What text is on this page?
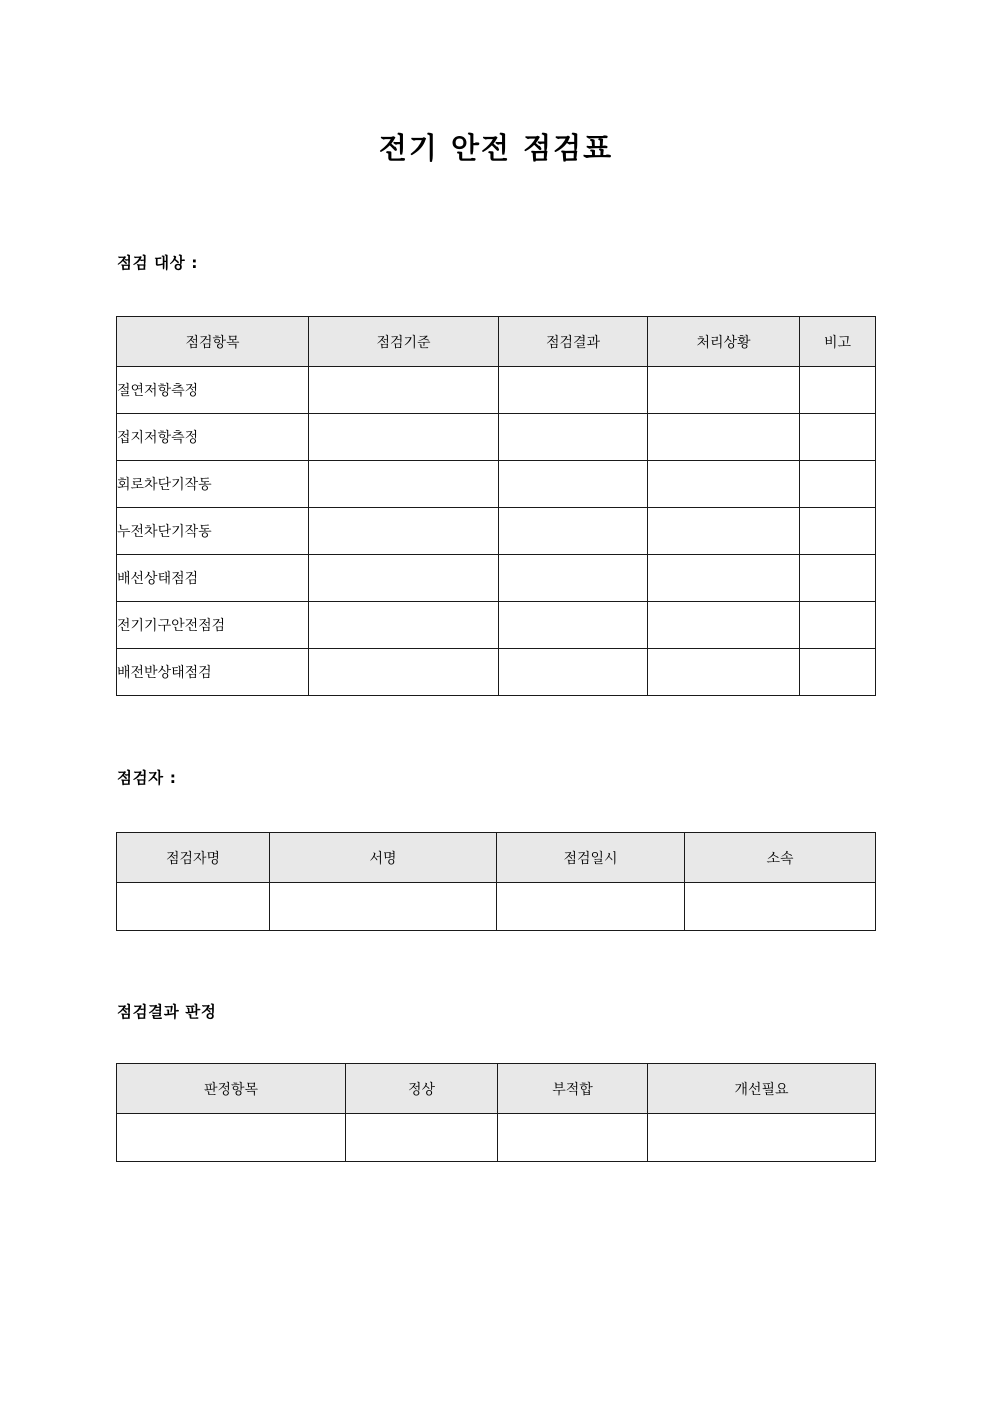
전기 안전 점검표
점검 대상 :
점검항목	점검기준	점검결과	처리상황	비고
절연저항측정				
접지저항측정				
회로차단기작동				
누전차단기작동				
배선상태점검				
전기기구안전점검				
배전반상태점검				
점검자 :
점검자명	서명	점검일시	소속

점검결과 판정
판정항목	정상	부적합	개선필요
